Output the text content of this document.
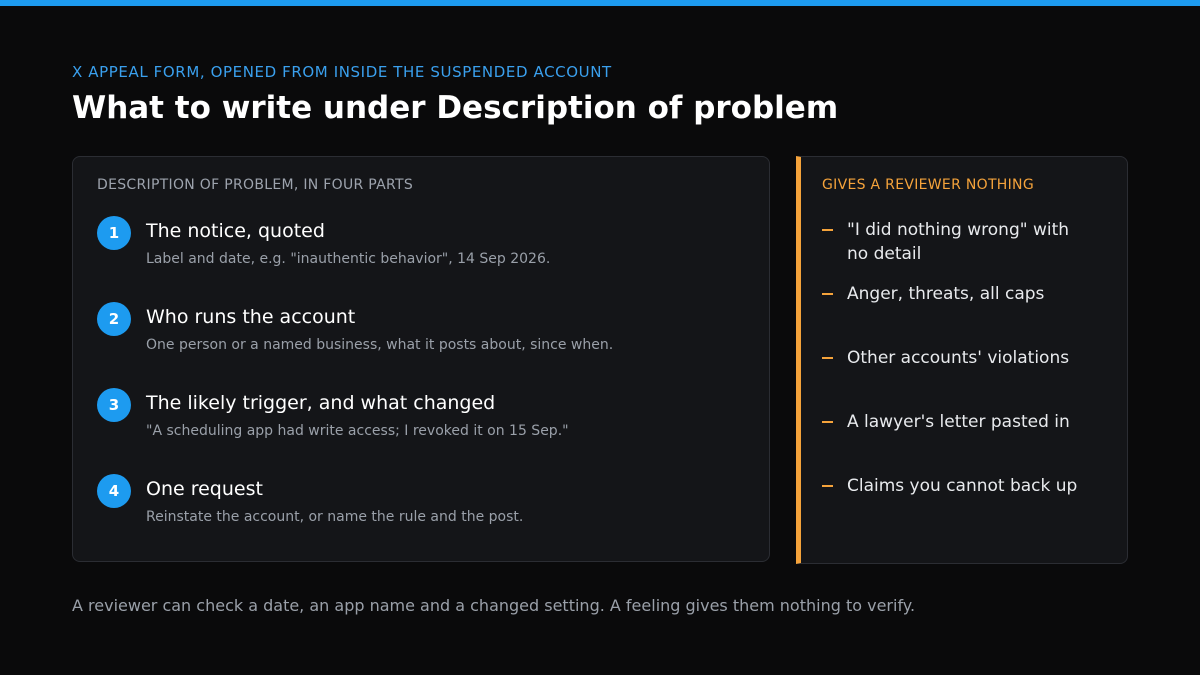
X APPEAL FORM, OPENED FROM INSIDE THE SUSPENDED ACCOUNT
What to write under Description of problem
DESCRIPTION OF PROBLEM, IN FOUR PARTS
1	The notice, quoted
Label and date, e.g. "inauthentic behavior", 14 Sep 2026.
2	Who runs the account
One person or a named business, what it posts about, since when.
3	The likely trigger, and what changed
"A scheduling app had write access; I revoked it on 15 Sep."
4	One request
Reinstate the account, or name the rule and the post.
GIVES A REVIEWER NOTHING
"I did nothing wrong" with no detail
Anger, threats, all caps
Other accounts' violations
A lawyer's letter pasted in
Claims you cannot back up
A reviewer can check a date, an app name and a changed setting. A feeling gives them nothing to verify.
